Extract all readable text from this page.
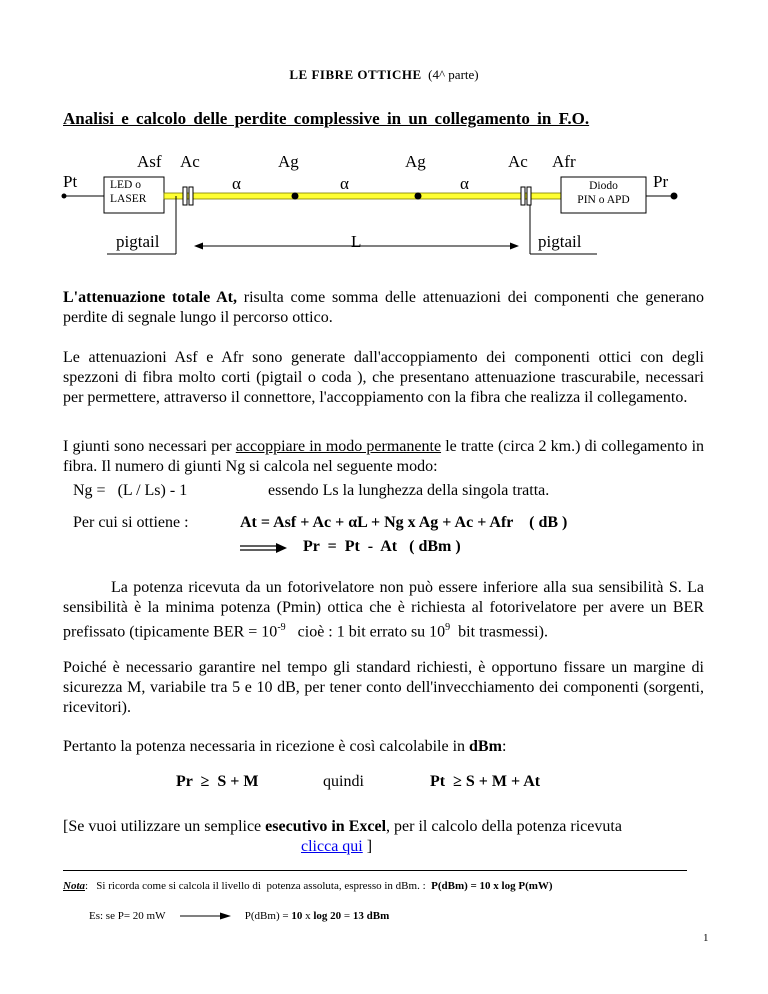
LE FIBRE OTTICHE (4^ parte)
Analisi e calcolo delle perdite complessive in un collegamento in F.O.
Asf Ac	Ag	Ag	Ac Afr
Pt	Pr
LED o
LASER
Diodo
PIN o APD
α	α	α
pigtail	L	pigtail
L'attenuazione totale At, risulta come somma delle attenuazioni dei componenti che generano perdite di segnale lungo il percorso ottico.
Le attenuazioni Asf e Afr sono generate dall'accoppiamento dei componenti ottici con degli spezzoni di fibra molto corti (pigtail o coda ), che presentano attenuazione trascurabile, necessari per permettere, attraverso il connettore, l'accoppiamento con la fibra che realizza il collegamento.
I giunti sono necessari per accoppiare in modo permanente le tratte (circa 2 km.) di collegamento in fibra. Il numero di giunti Ng si calcola nel seguente modo:
Ng =   (L / Ls) - 1	essendo Ls la lunghezza della singola tratta.
Per cui si ottiene :	At = Asf + Ac + αL + Ng x Ag + Ac + Afr    ( dB )
Pr  =  Pt  -  At   ( dBm )
La potenza ricevuta da un fotorivelatore non può essere inferiore alla sua sensibilità S. La sensibilità è la minima potenza (Pmin) ottica che è richiesta al fotorivelatore per avere un BER prefissato (tipicamente BER = $10^{-9}$   cioè : 1 bit errato su $10^9$  bit trasmessi).
Poiché è necessario garantire nel tempo gli standard richiesti, è opportuno fissare un margine di sicurezza M, variabile tra 5 e 10 dB, per tener conto dell'invecchiamento dei componenti (sorgenti, ricevitori).
Pertanto la potenza necessaria in ricezione è così calcolabile in dBm:
Pr  ≥  S + M	quindi	Pt  ≥ S + M + At
[Se vuoi utilizzare un semplice esecutivo in Excel, per il calcolo della potenza ricevuta
clicca qui ]
Nota:   Si ricorda come si calcola il livello di  potenza assoluta, espresso in dBm. :  P(dBm) = 10 x log P(mW)
Es: se P= 20 mW	P(dBm) = 10 x log 20 = 13 dBm
1
